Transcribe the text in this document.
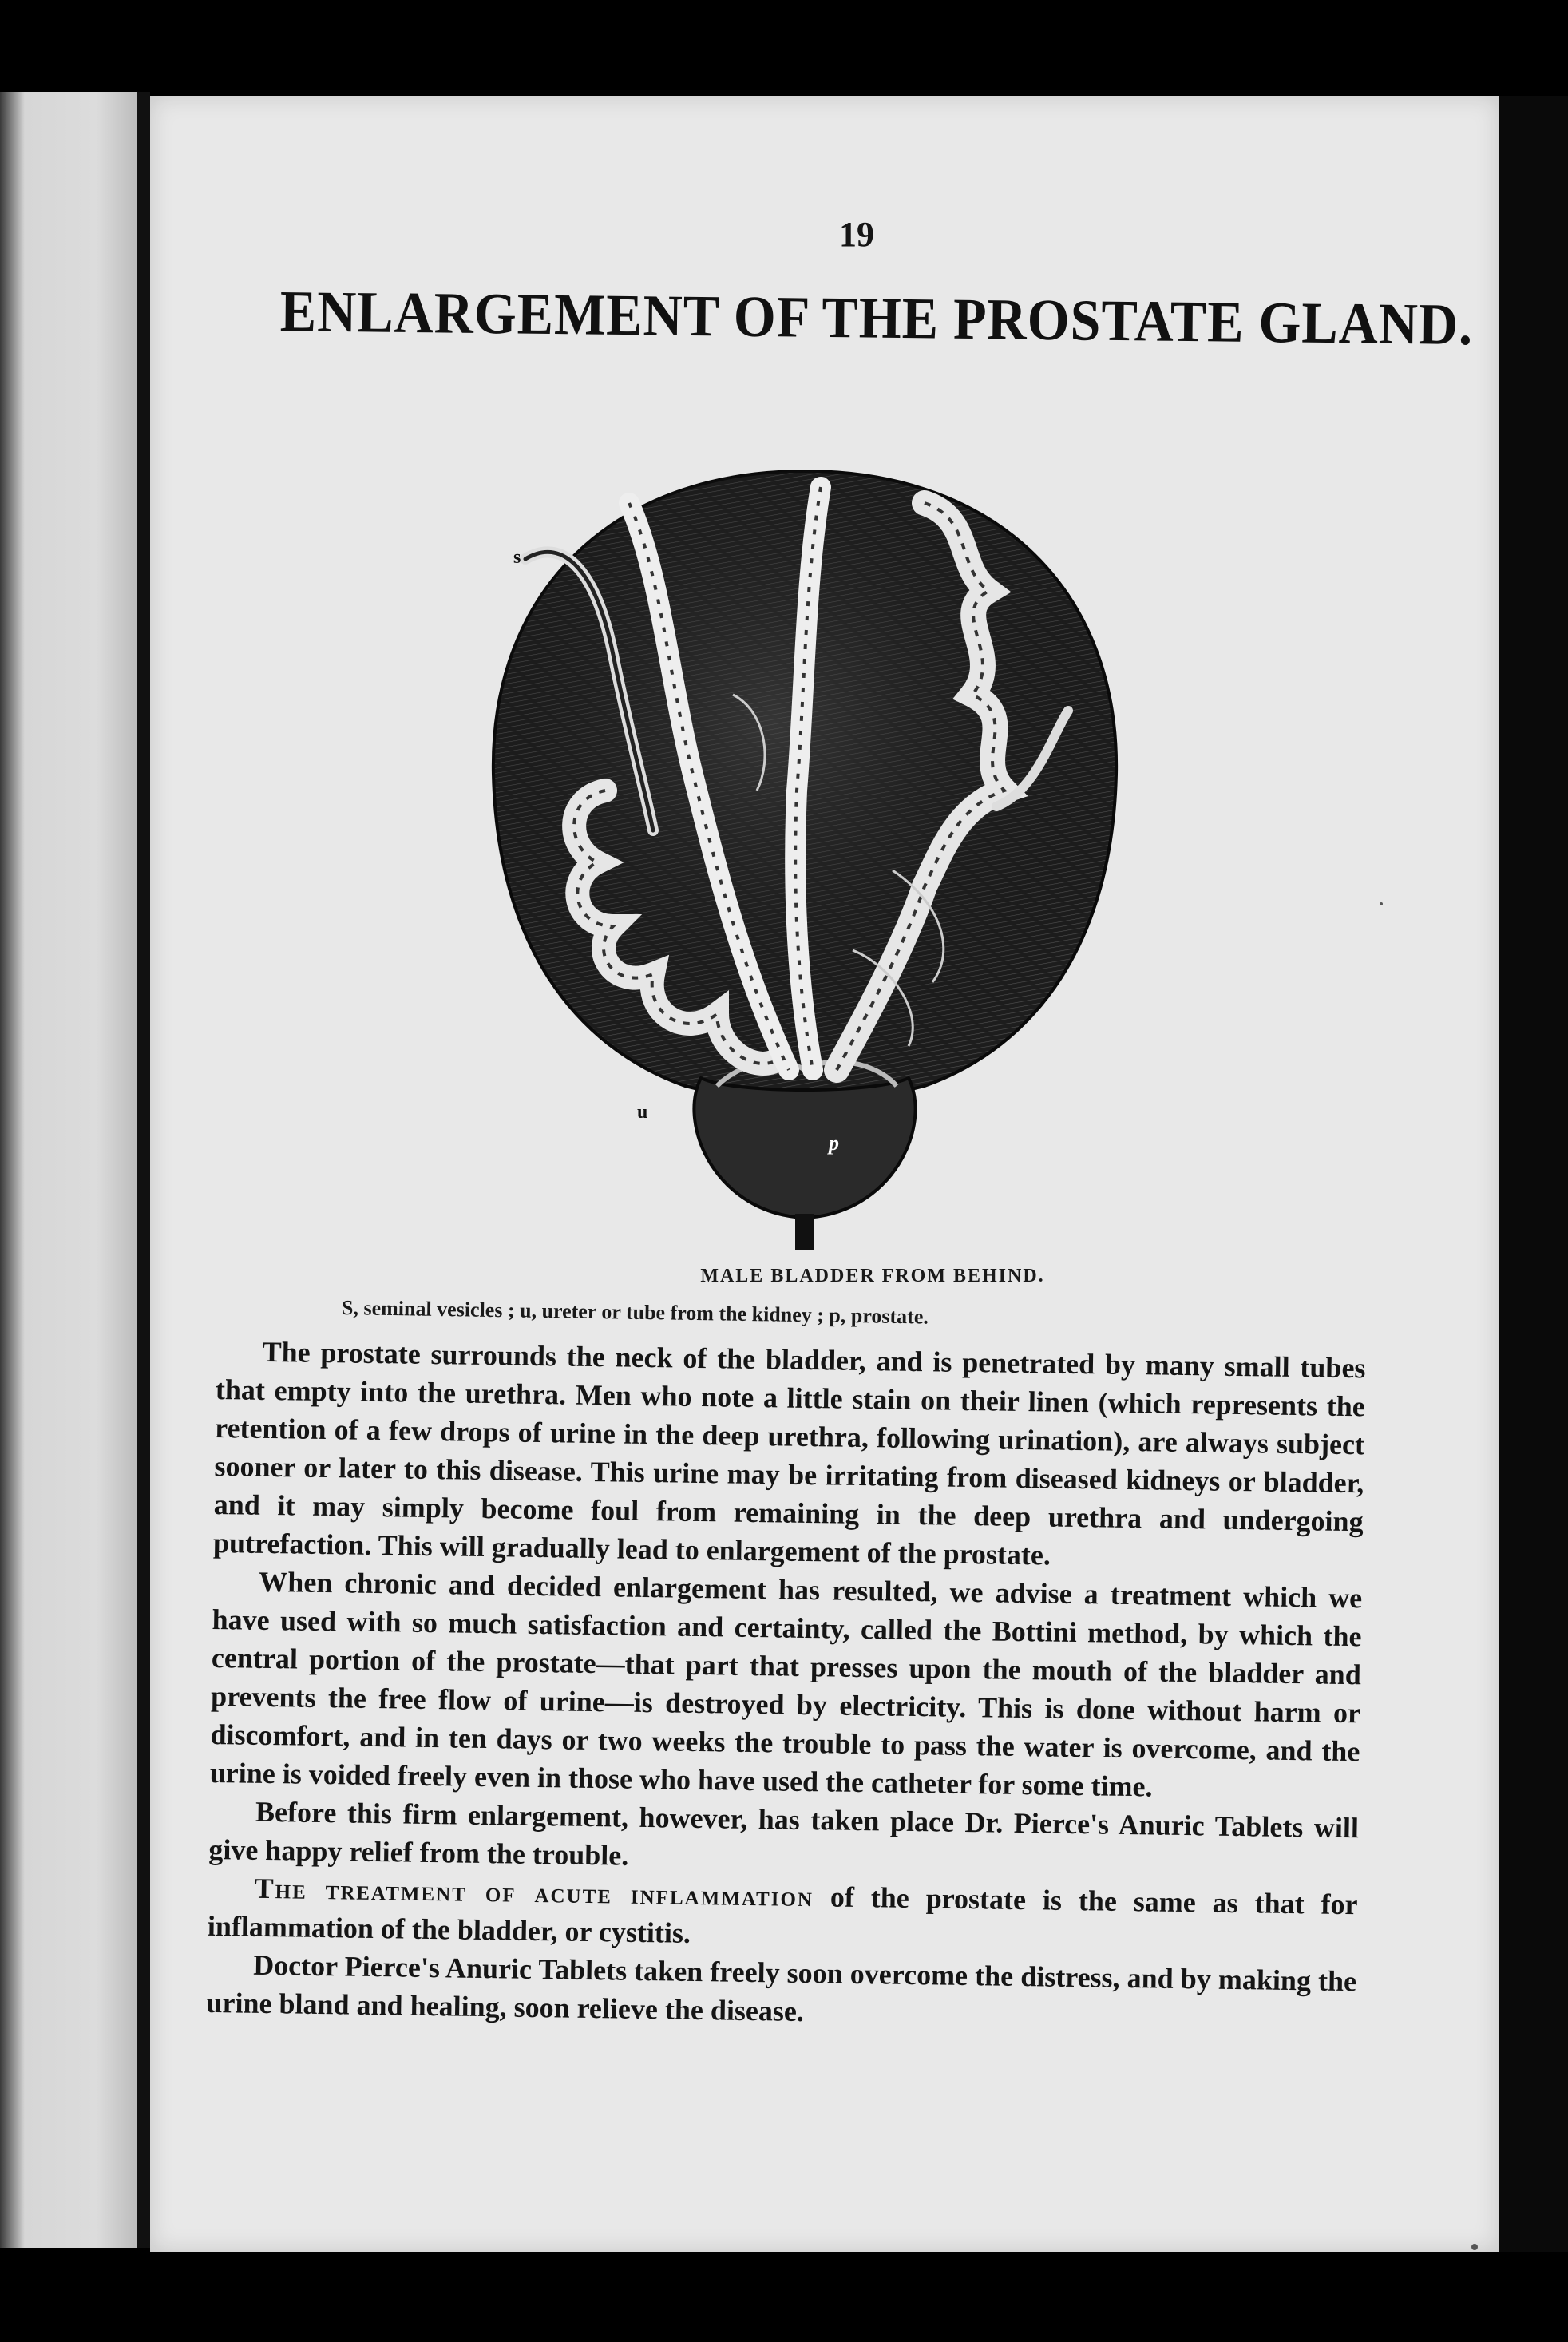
19
ENLARGEMENT OF THE PROSTATE GLAND.
s
u
p
MALE BLADDER FROM BEHIND.
S, seminal vesicles ; u, ureter or tube from the kidney ; p, prostate.

The prostate surrounds the neck of the bladder, and is penetrated by many small tubes that empty into the urethra. Men who note a little stain on their linen (which represents the retention of a few drops of urine in the deep urethra, following urination), are always subject sooner or later to this disease. This urine may be irritating from diseased kidneys or bladder, and it may simply become foul from remaining in the deep urethra and undergoing putrefaction. This will gradually lead to enlargement of the prostate.

When chronic and decided enlargement has resulted, we advise a treatment which we have used with so much satisfaction and certainty, called the Bottini method, by which the central portion of the prostate—that part that presses upon the mouth of the bladder and prevents the free flow of urine—is destroyed by electricity. This is done without harm or discomfort, and in ten days or two weeks the trouble to pass the water is overcome, and the urine is voided freely even in those who have used the catheter for some time.

Before this firm enlargement, however, has taken place Dr. Pierce's Anuric Tablets will give happy relief from the trouble.

The treatment of acute inflammation of the prostate is the same as that for inflammation of the bladder, or cystitis.

Doctor Pierce's Anuric Tablets taken freely soon overcome the distress, and by making the urine bland and healing, soon relieve the disease.
